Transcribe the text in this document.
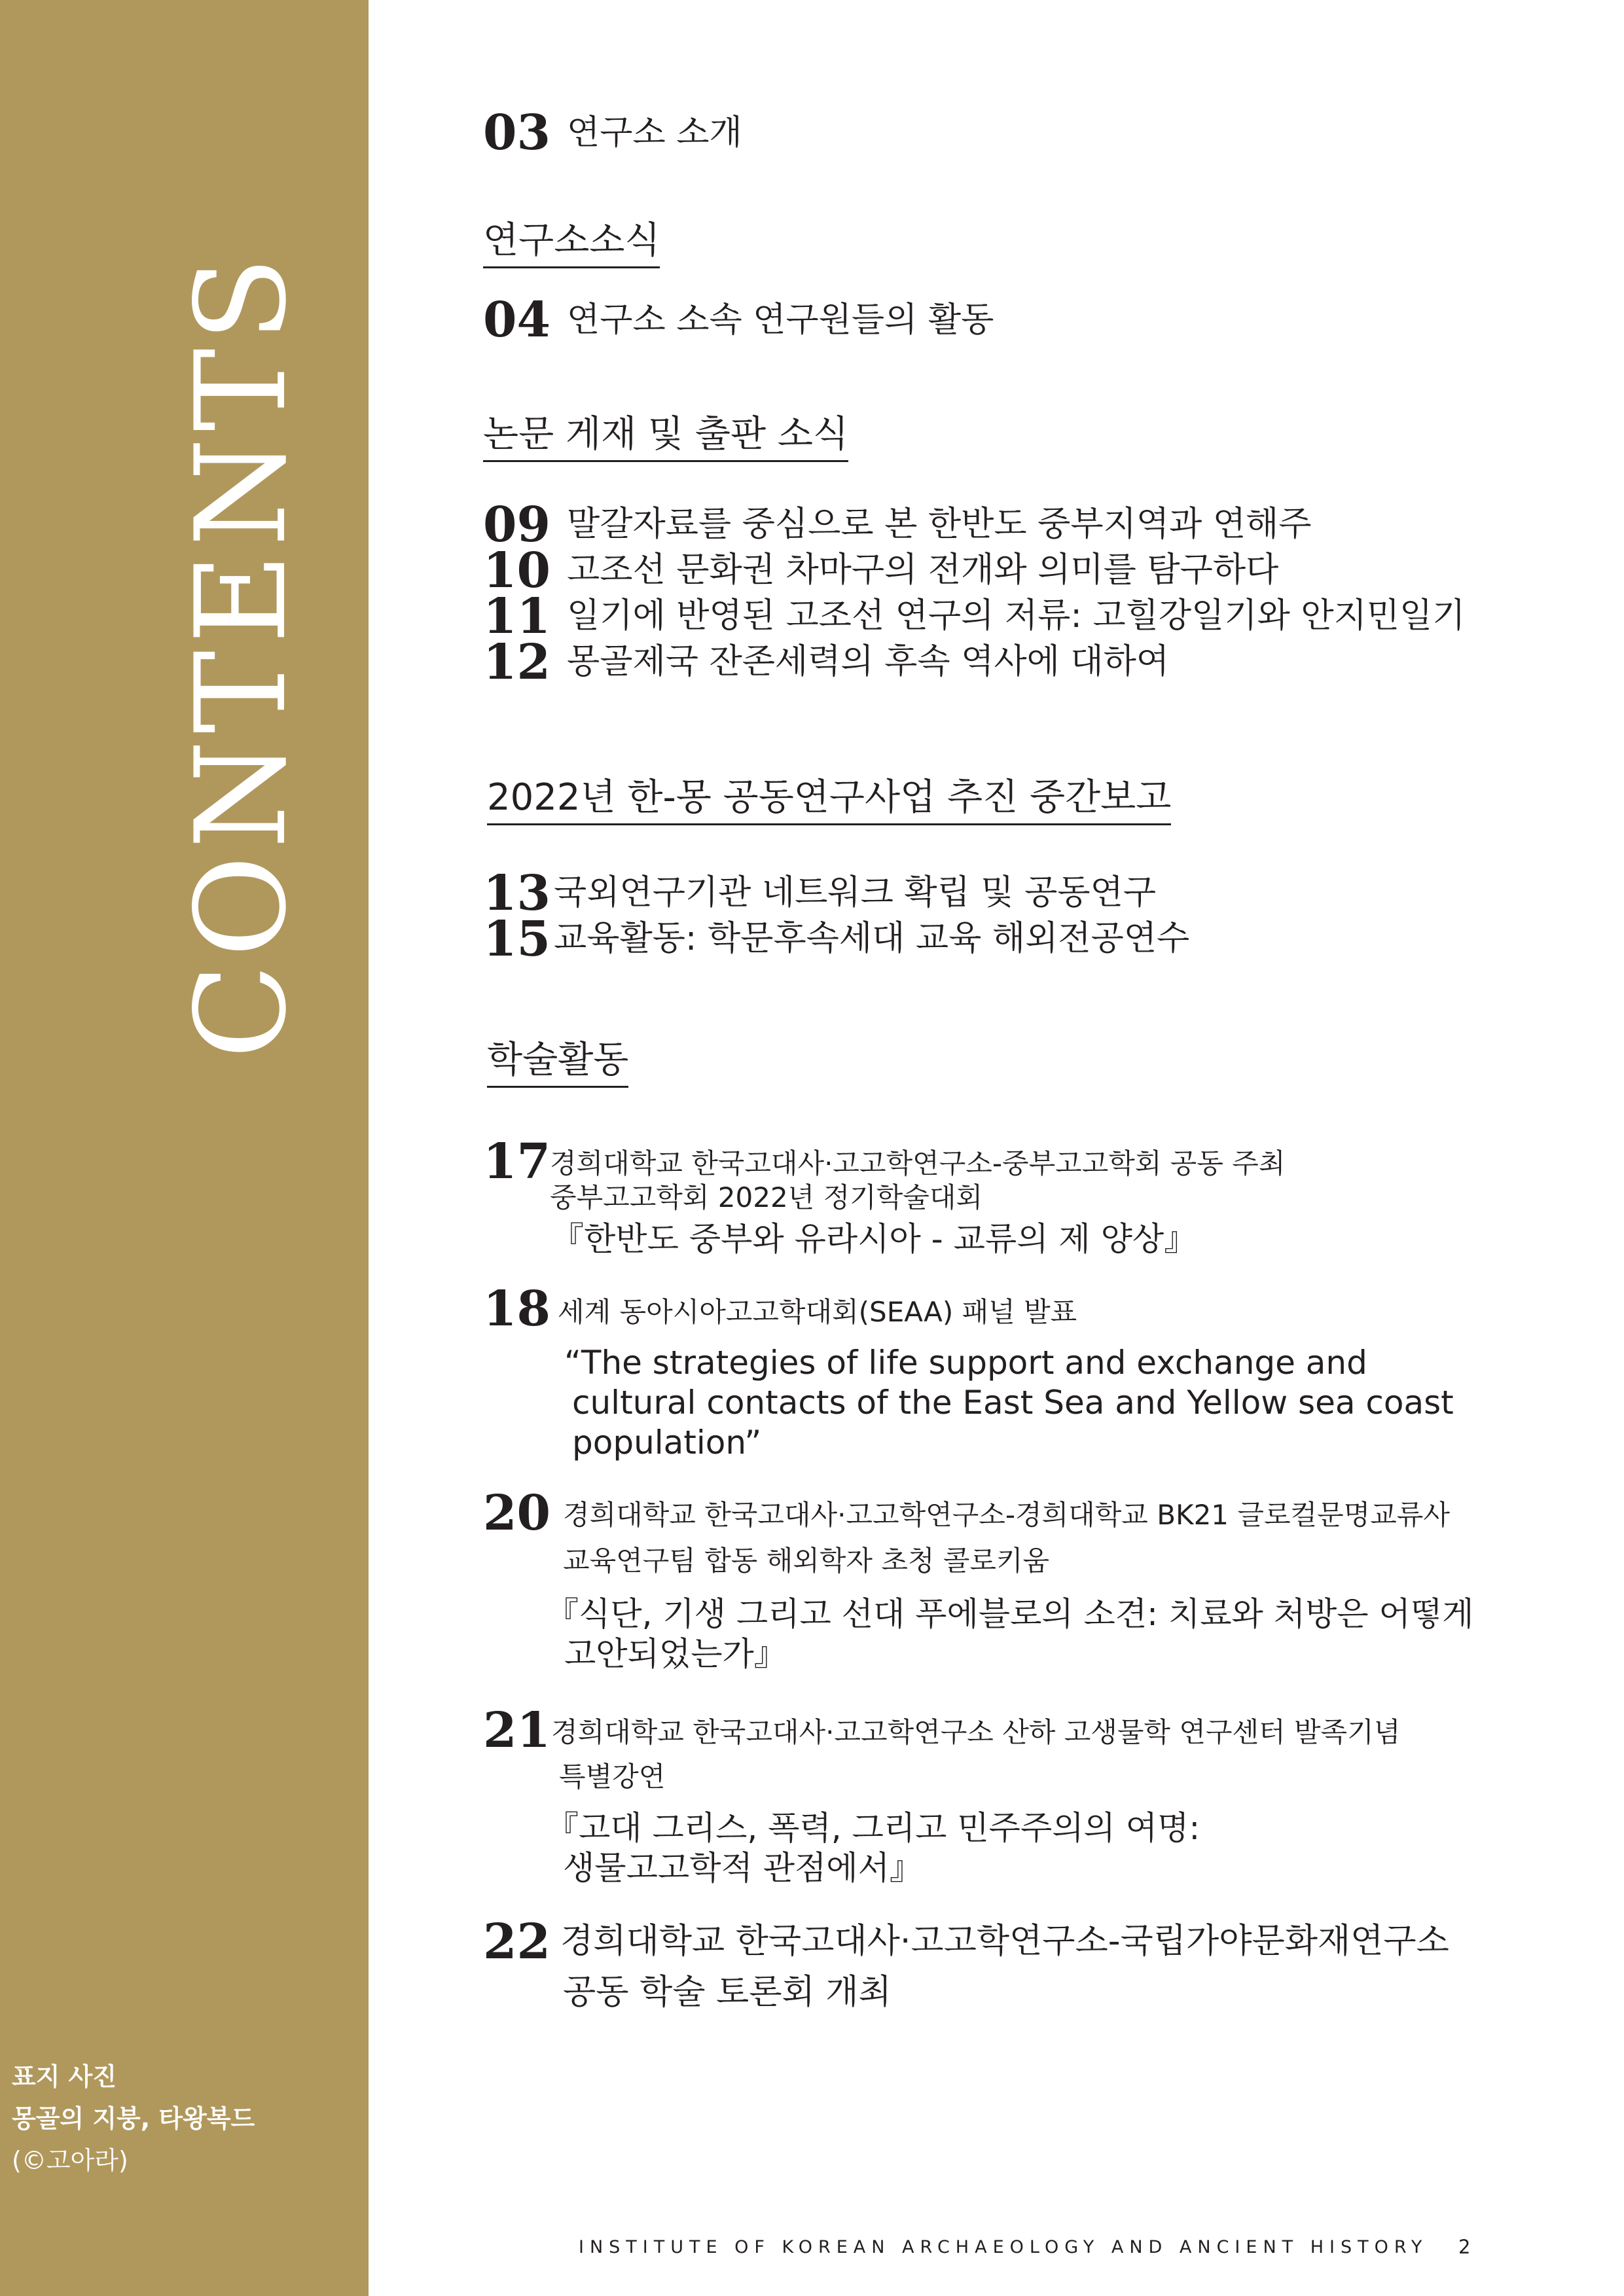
CONTENTS
표지 사진
몽골의 지붕, 타왕복드
(©고아라)
03 연구소 소개
연구소소식
04 연구소 소속 연구원들의 활동
논문 게재 및 출판 소식
09 말갈자료를 중심으로 본 한반도 중부지역과 연해주
10 고조선 문화권 차마구의 전개와 의미를 탐구하다
11 일기에 반영된 고조선 연구의 저류: 고힐강일기와 안지민일기
12 몽골제국 잔존세력의 후속 역사에 대하여
2022년 한-몽 공동연구사업 추진 중간보고
13 국외연구기관 네트워크 확립 및 공동연구
15 교육활동: 학문후속세대 교육 해외전공연수
학술활동
17 경희대학교 한국고대사·고고학연구소-중부고고학회 공동 주최
중부고고학회 2022년 정기학술대회
『한반도 중부와 유라시아 - 교류의 제 양상』
18 세계 동아시아고고학대회(SEAA) 패널 발표
“The strategies of life support and exchange and
cultural contacts of the East Sea and Yellow sea coast
population”
20 경희대학교 한국고대사·고고학연구소-경희대학교 BK21 글로컬문명교류사
교육연구팀 합동 해외학자 초청 콜로키움
『식단, 기생 그리고 선대 푸에블로의 소견: 치료와 처방은 어떻게
고안되었는가』
21 경희대학교 한국고대사·고고학연구소 산하 고생물학 연구센터 발족기념
특별강연
『고대 그리스, 폭력, 그리고 민주주의의 여명:
생물고고학적 관점에서』
22 경희대학교 한국고대사·고고학연구소-국립가야문화재연구소
공동 학술 토론회 개최
INSTITUTE OF KOREAN ARCHAEOLOGY AND ANCIENT HISTORY 2
